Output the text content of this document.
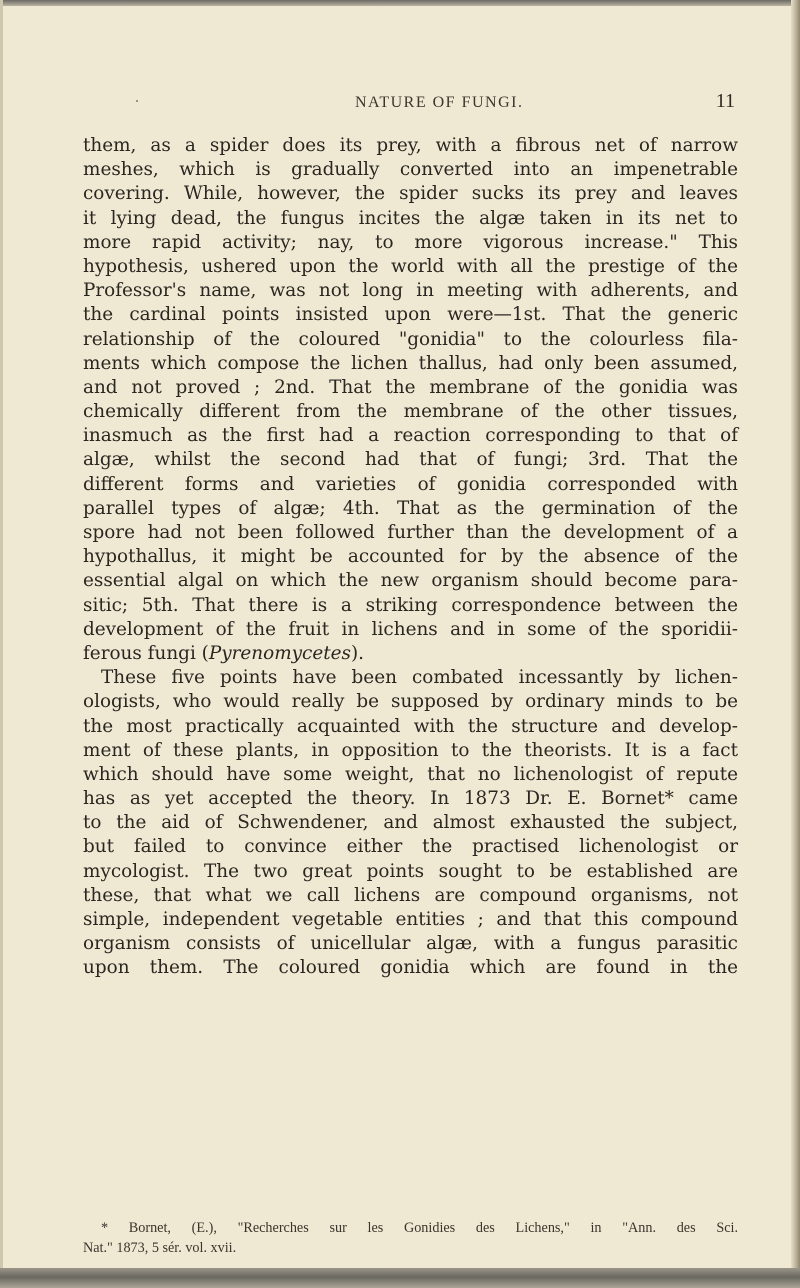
NATURE OF FUNGI.	11
them, as a spider does its prey, with a fibrous net of narrow
meshes, which is gradually converted into an impenetrable
covering. While, however, the spider sucks its prey and leaves
it lying dead, the fungus incites the algæ taken in its net to
more rapid activity; nay, to more vigorous increase." This
hypothesis, ushered upon the world with all the prestige of the
Professor's name, was not long in meeting with adherents, and
the cardinal points insisted upon were—1st. That the generic
relationship of the coloured "gonidia" to the colourless fila-
ments which compose the lichen thallus, had only been assumed,
and not proved ; 2nd. That the membrane of the gonidia was
chemically different from the membrane of the other tissues,
inasmuch as the first had a reaction corresponding to that of
algæ, whilst the second had that of fungi; 3rd. That the
different forms and varieties of gonidia corresponded with
parallel types of algæ; 4th. That as the germination of the
spore had not been followed further than the development of a
hypothallus, it might be accounted for by the absence of the
essential algal on which the new organism should become para-
sitic; 5th. That there is a striking correspondence between the
development of the fruit in lichens and in some of the sporidii-
ferous fungi (Pyrenomycetes).
These five points have been combated incessantly by lichen-
ologists, who would really be supposed by ordinary minds to be
the most practically acquainted with the structure and develop-
ment of these plants, in opposition to the theorists. It is a fact
which should have some weight, that no lichenologist of repute
has as yet accepted the theory. In 1873 Dr. E. Bornet* came
to the aid of Schwendener, and almost exhausted the subject,
but failed to convince either the practised lichenologist or
mycologist. The two great points sought to be established are
these, that what we call lichens are compound organisms, not
simple, independent vegetable entities ; and that this compound
organism consists of unicellular algæ, with a fungus parasitic
upon them. The coloured gonidia which are found in the
* Bornet, (E.), "Recherches sur les Gonidies des Lichens," in "Ann. des Sci.
Nat." 1873, 5 sér. vol. xvii.
